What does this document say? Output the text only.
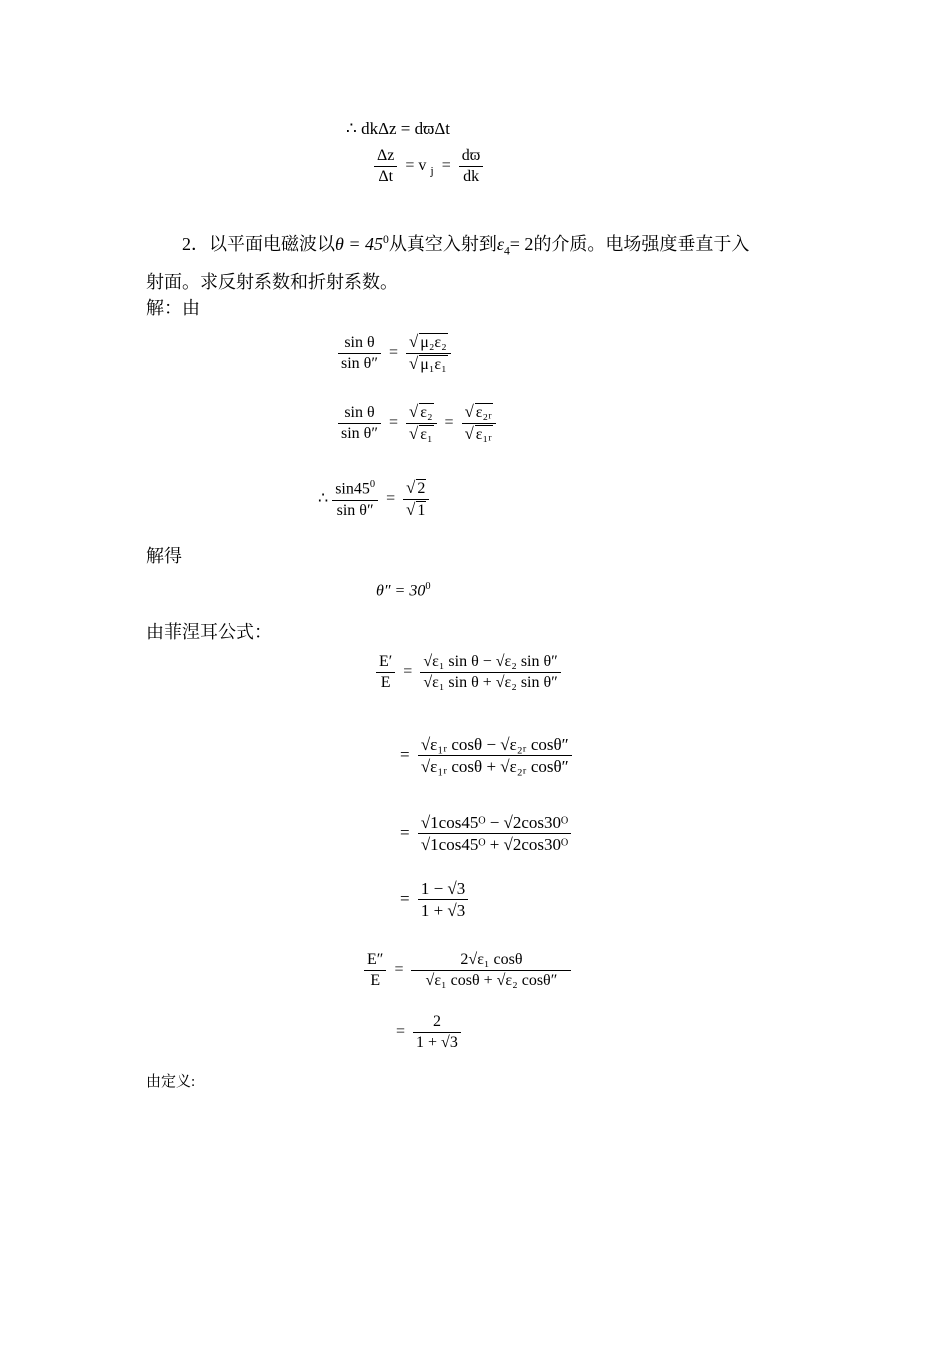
∴ dkΔz = dϖΔt
$\frac{\Delta z}{\Delta t} = v$ $_j = \frac{dϖ}{dk}$
2．以平面电磁波以$\theta = 45^0$从真空入射到$\varepsilon_4= 2$的介质。电场强度垂直于入
射面。求反射系数和折射系数。
解：由
$\frac{\text{sin θ}}{\text{sin θ″}} = \frac{\text{√ μ₂ε₂}}{\text{√ μ₁ε₁}}$
$\frac{\text{sin θ}}{\text{sin θ″}} = \frac{\text{√ ε₂}}{\text{√ ε₁}} = \frac{\text{√ ε₂ᵣ}}{\text{√ ε₁ᵣ}}$
∴ $\frac{\sin 45^0}{\text{sin θ″}} = \frac{√ 2}{√ 1}$
解得
$\theta'' = 30^0$
由菲涅耳公式：
$\frac{E'}{E} = \frac{\text{√ε₁ sin θ − √ε₂ sin θ″}}{\text{√ε₁ sin θ + √ε₂ sin θ″}}$
= $\frac{\text{√ε₁ᵣ cosθ − √ε₂ᵣ cosθ″}}{\text{√ε₁ᵣ cosθ + √ε₂ᵣ cosθ″}}$
= $\frac{\text{√1cos45ᴼ − √2cos30ᴼ}}{\text{√1cos45ᴼ + √2cos30ᴼ}}$
= $\frac{1 - √3}{1 + √3}$
$\frac{E''}{E} = \frac{\text{2√ε₁ cosθ}}{\text{√ε₁ cosθ + √ε₂ cosθ″}}$
= $\frac{2}{1 + √3}$
由定义:
